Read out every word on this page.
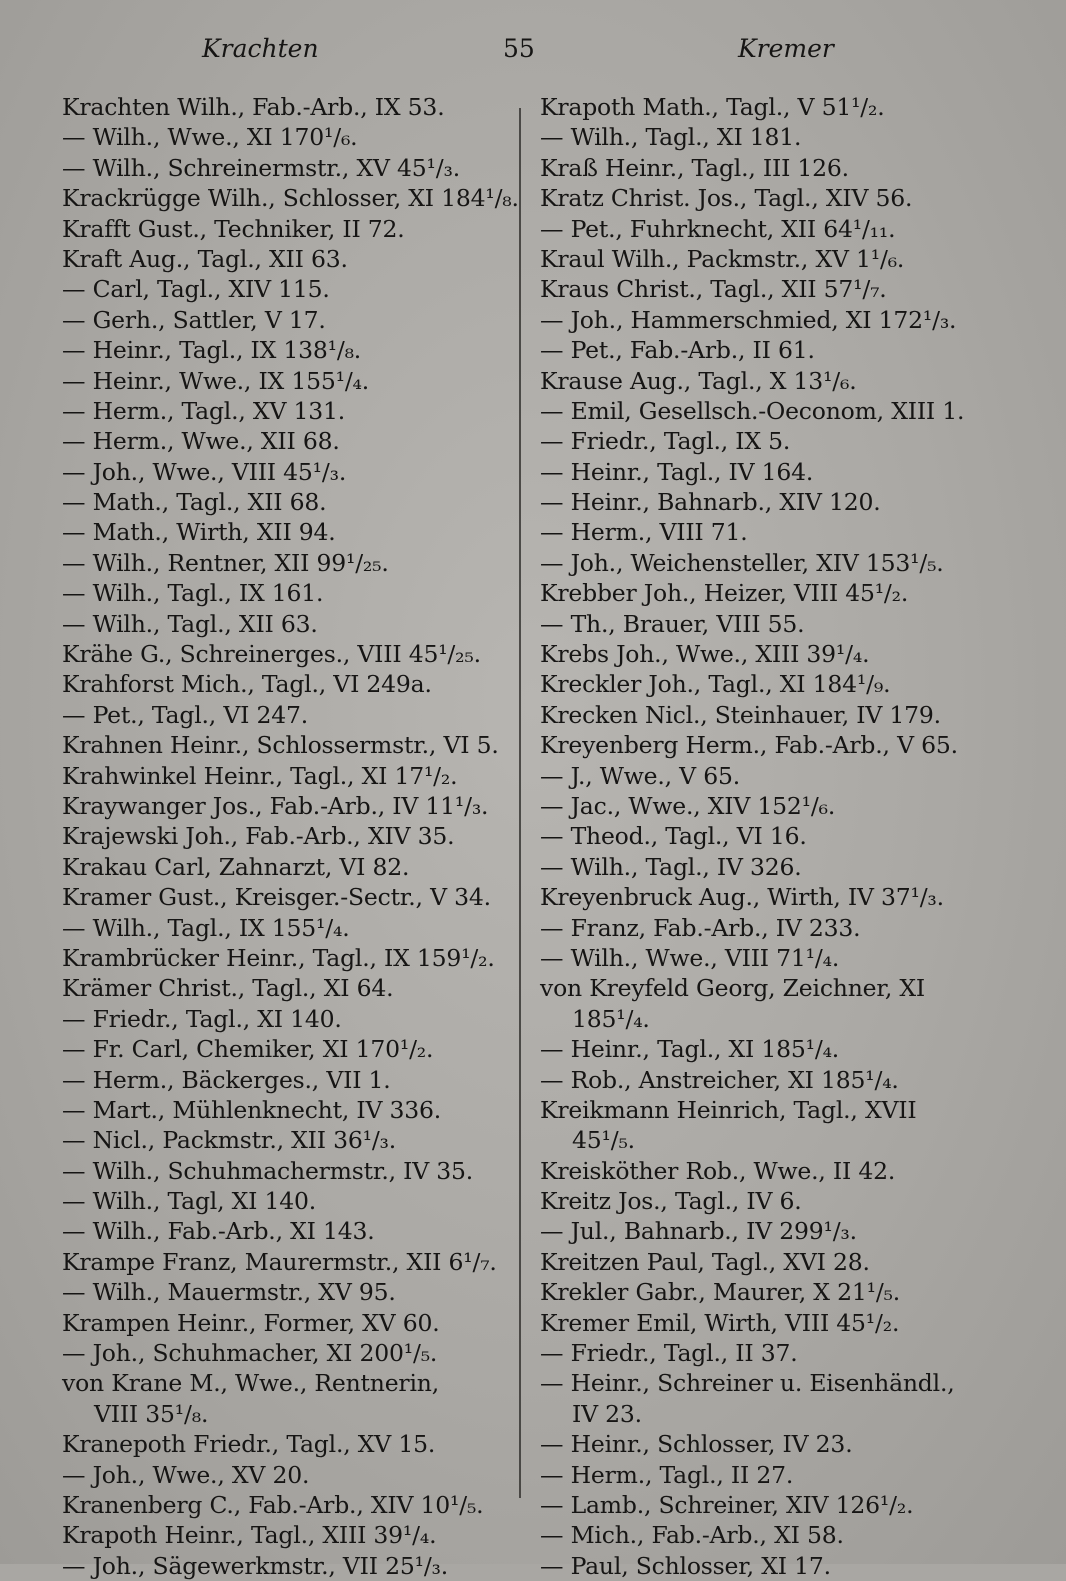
Krachten	55	Kremer
Krachten Wilh., Fab.-Arb., IX 53.
— Wilh., Wwe., XI 170¹/₆.
— Wilh., Schreinermstr., XV 45¹/₃.
Krackrügge Wilh., Schlosser, XI 184¹/₈.
Krafft Gust., Techniker, II 72.
Kraft Aug., Tagl., XII 63.
— Carl, Tagl., XIV 115.
— Gerh., Sattler, V 17.
— Heinr., Tagl., IX 138¹/₈.
— Heinr., Wwe., IX 155¹/₄.
— Herm., Tagl., XV 131.
— Herm., Wwe., XII 68.
— Joh., Wwe., VIII 45¹/₃.
— Math., Tagl., XII 68.
— Math., Wirth, XII 94.
— Wilh., Rentner, XII 99¹/₂₅.
— Wilh., Tagl., IX 161.
— Wilh., Tagl., XII 63.
Krähe G., Schreinerges., VIII 45¹/₂₅.
Krahforst Mich., Tagl., VI 249a.
— Pet., Tagl., VI 247.
Krahnen Heinr., Schlossermstr., VI 5.
Krahwinkel Heinr., Tagl., XI 17¹/₂.
Kraywanger Jos., Fab.-Arb., IV 11¹/₃.
Krajewski Joh., Fab.-Arb., XIV 35.
Krakau Carl, Zahnarzt, VI 82.
Kramer Gust., Kreisger.-Sectr., V 34.
— Wilh., Tagl., IX 155¹/₄.
Krambrücker Heinr., Tagl., IX 159¹/₂.
Krämer Christ., Tagl., XI 64.
— Friedr., Tagl., XI 140.
— Fr. Carl, Chemiker, XI 170¹/₂.
— Herm., Bäckerges., VII 1.
— Mart., Mühlenknecht, IV 336.
— Nicl., Packmstr., XII 36¹/₃.
— Wilh., Schuhmachermstr., IV 35.
— Wilh., Tagl, XI 140.
— Wilh., Fab.-Arb., XI 143.
Krampe Franz, Maurermstr., XII 6¹/₇.
— Wilh., Mauermstr., XV 95.
Krampen Heinr., Former, XV 60.
— Joh., Schuhmacher, XI 200¹/₅.
von Krane M., Wwe., Rentnerin,
VIII 35¹/₈.
Kranepoth Friedr., Tagl., XV 15.
— Joh., Wwe., XV 20.
Kranenberg C., Fab.-Arb., XIV 10¹/₅.
Krapoth Heinr., Tagl., XIII 39¹/₄.
— Joh., Sägewerkmstr., VII 25¹/₃.
Krapoth Math., Tagl., V 51¹/₂.
— Wilh., Tagl., XI 181.
Kraß Heinr., Tagl., III 126.
Kratz Christ. Jos., Tagl., XIV 56.
— Pet., Fuhrknecht, XII 64¹/₁₁.
Kraul Wilh., Packmstr., XV 1¹/₆.
Kraus Christ., Tagl., XII 57¹/₇.
— Joh., Hammerschmied, XI 172¹/₃.
— Pet., Fab.-Arb., II 61.
Krause Aug., Tagl., X 13¹/₆.
— Emil, Gesellsch.-Oeconom, XIII 1.
— Friedr., Tagl., IX 5.
— Heinr., Tagl., IV 164.
— Heinr., Bahnarb., XIV 120.
— Herm., VIII 71.
— Joh., Weichensteller, XIV 153¹/₅.
Krebber Joh., Heizer, VIII 45¹/₂.
— Th., Brauer, VIII 55.
Krebs Joh., Wwe., XIII 39¹/₄.
Kreckler Joh., Tagl., XI 184¹/₉.
Krecken Nicl., Steinhauer, IV 179.
Kreyenberg Herm., Fab.-Arb., V 65.
— J., Wwe., V 65.
— Jac., Wwe., XIV 152¹/₆.
— Theod., Tagl., VI 16.
— Wilh., Tagl., IV 326.
Kreyenbruck Aug., Wirth, IV 37¹/₃.
— Franz, Fab.-Arb., IV 233.
— Wilh., Wwe., VIII 71¹/₄.
von Kreyfeld Georg, Zeichner, XI
185¹/₄.
— Heinr., Tagl., XI 185¹/₄.
— Rob., Anstreicher, XI 185¹/₄.
Kreikmann Heinrich, Tagl., XVII
45¹/₅.
Kreisköther Rob., Wwe., II 42.
Kreitz Jos., Tagl., IV 6.
— Jul., Bahnarb., IV 299¹/₃.
Kreitzen Paul, Tagl., XVI 28.
Krekler Gabr., Maurer, X 21¹/₅.
Kremer Emil, Wirth, VIII 45¹/₂.
— Friedr., Tagl., II 37.
— Heinr., Schreiner u. Eisenhändl.,
IV 23.
— Heinr., Schlosser, IV 23.
— Herm., Tagl., II 27.
— Lamb., Schreiner, XIV 126¹/₂.
— Mich., Fab.-Arb., XI 58.
— Paul, Schlosser, XI 17.
